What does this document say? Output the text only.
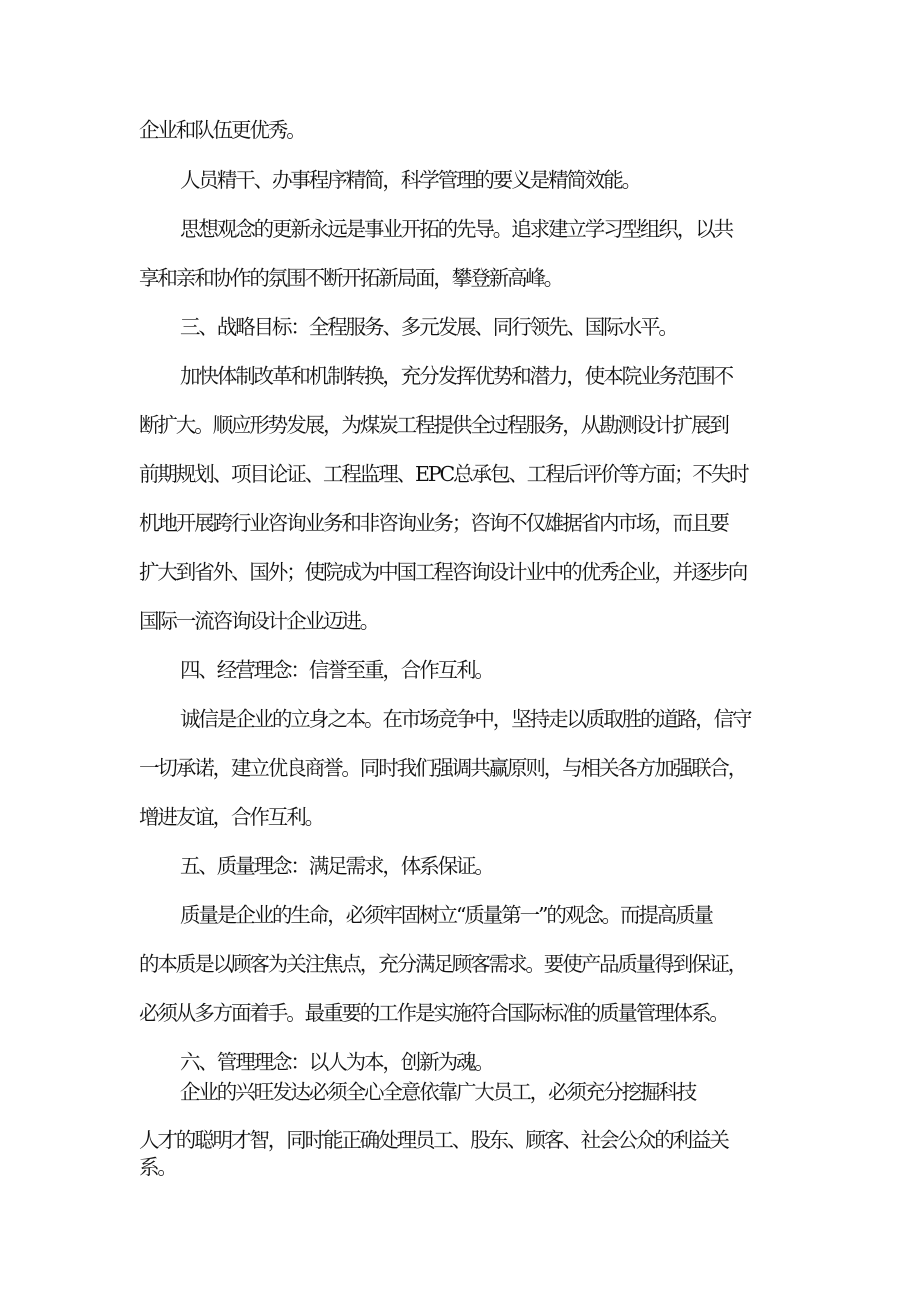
企业和队伍更优秀。
人员精干、办事程序精简，科学管理的要义是精简效能。
思想观念的更新永远是事业开拓的先导。追求建立学习型组织，以共
享和亲和协作的氛围不断开拓新局面，攀登新高峰。
三、战略目标：全程服务、多元发展、同行领先、国际水平。
加快体制改革和机制转换，充分发挥优势和潜力，使本院业务范围不
断扩大。顺应形势发展，为煤炭工程提供全过程服务，从勘测设计扩展到
前期规划、项目论证、工程监理、EPC总承包、工程后评价等方面；不失时
机地开展跨行业咨询业务和非咨询业务；咨询不仅雄据省内市场，而且要
扩大到省外、国外；使院成为中国工程咨询设计业中的优秀企业，并逐步向
国际一流咨询设计企业迈进。
四、经营理念：信誉至重，合作互利。
诚信是企业的立身之本。在市场竞争中，坚持走以质取胜的道路，信守
一切承诺，建立优良商誉。同时我们强调共赢原则，与相关各方加强联合，
增进友谊，合作互利。
五、质量理念：满足需求，体系保证。
质量是企业的生命，必须牢固树立“质量第一”的观念。而提高质量
的本质是以顾客为关注焦点，充分满足顾客需求。要使产品质量得到保证，
必须从多方面着手。最重要的工作是实施符合国际标准的质量管理体系。
六、管理理念：以人为本，创新为魂。
企业的兴旺发达必须全心全意依靠广大员工，必须充分挖掘科技
人才的聪明才智，同时能正确处理员工、股东、顾客、社会公众的利益关
系。
